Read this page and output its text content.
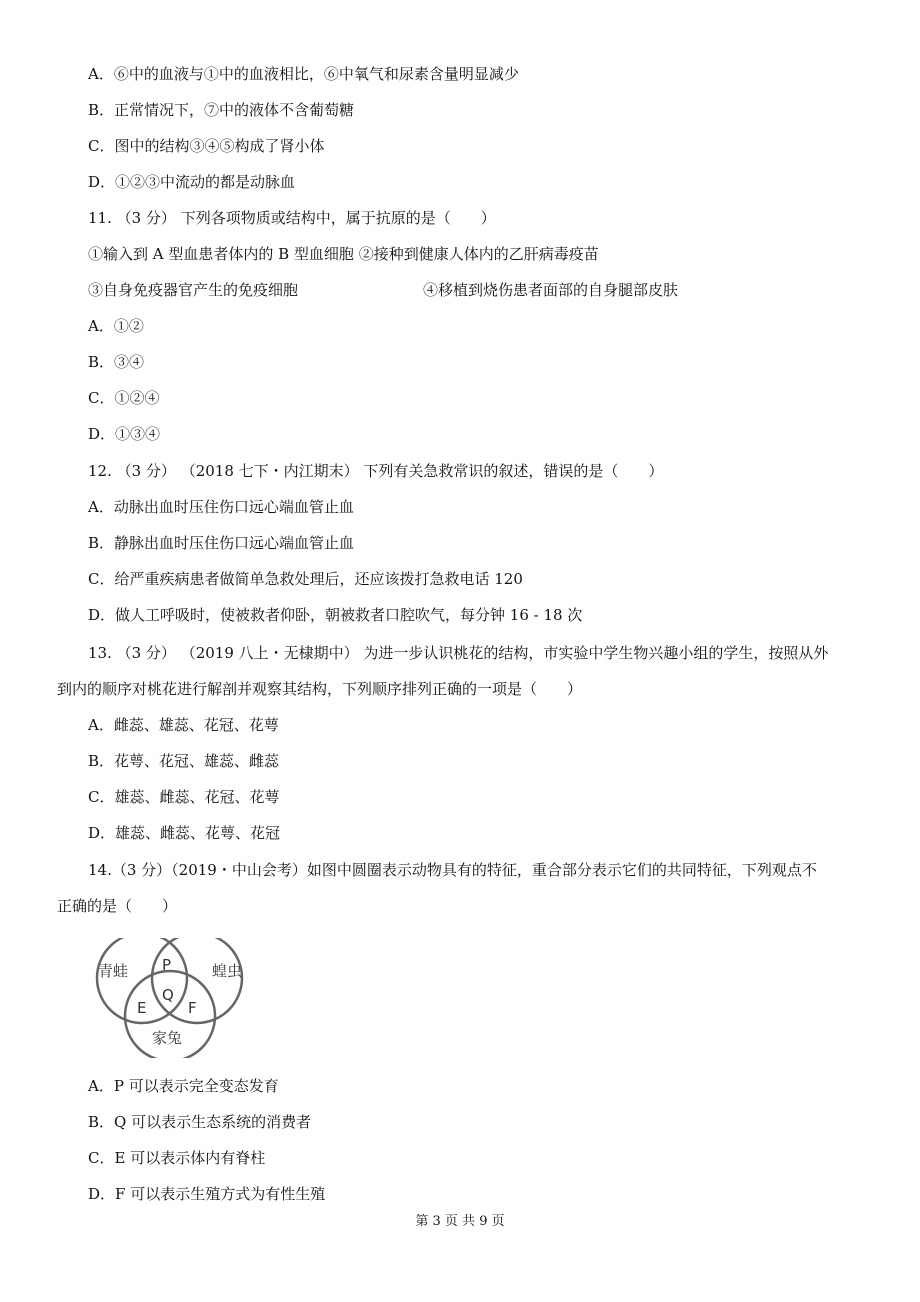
A．⑥中的血液与①中的血液相比，⑥中氧气和尿素含量明显减少
B．正常情况下，⑦中的液体不含葡萄糖
C．图中的结构③④⑤构成了肾小体
D．①②③中流动的都是动脉血
11. （3 分） 下列各项物质或结构中，属于抗原的是（　　）
①输入到 A 型血患者体内的 B 型血细胞 ②接种到健康人体内的乙肝病毒疫苗
③自身免疫器官产生的免疫细胞	④移植到烧伤患者面部的自身腿部皮肤
A．①②
B．③④
C．①②④
D．①③④
12. （3 分） （2018 七下・内江期末） 下列有关急救常识的叙述，错误的是（　　）
A．动脉出血时压住伤口远心端血管止血
B．静脉出血时压住伤口远心端血管止血
C．给严重疾病患者做简单急救处理后，还应该拨打急救电话 120
D．做人工呼吸时，使被救者仰卧，朝被救者口腔吹气，每分钟 16 - 18 次
13. （3 分） （2019 八上・无棣期中） 为进一步认识桃花的结构，市实验中学生物兴趣小组的学生，按照从外
到内的顺序对桃花进行解剖并观察其结构，下列顺序排列正确的一项是（　　）
A．雌蕊、雄蕊、花冠、花萼
B．花萼、花冠、雄蕊、雌蕊
C．雄蕊、雌蕊、花冠、花萼
D．雄蕊、雌蕊、花萼、花冠
14.（3 分）（2019・中山会考）如图中圆圈表示动物具有的特征，重合部分表示它们的共同特征，下列观点不
正确的是（　　）
青蛙	蝗虫
家兔
P
Q
E	F
A．P 可以表示完全变态发育
B．Q 可以表示生态系统的消费者
C．E 可以表示体内有脊柱
D．F 可以表示生殖方式为有性生殖
第 3 页 共 9 页
